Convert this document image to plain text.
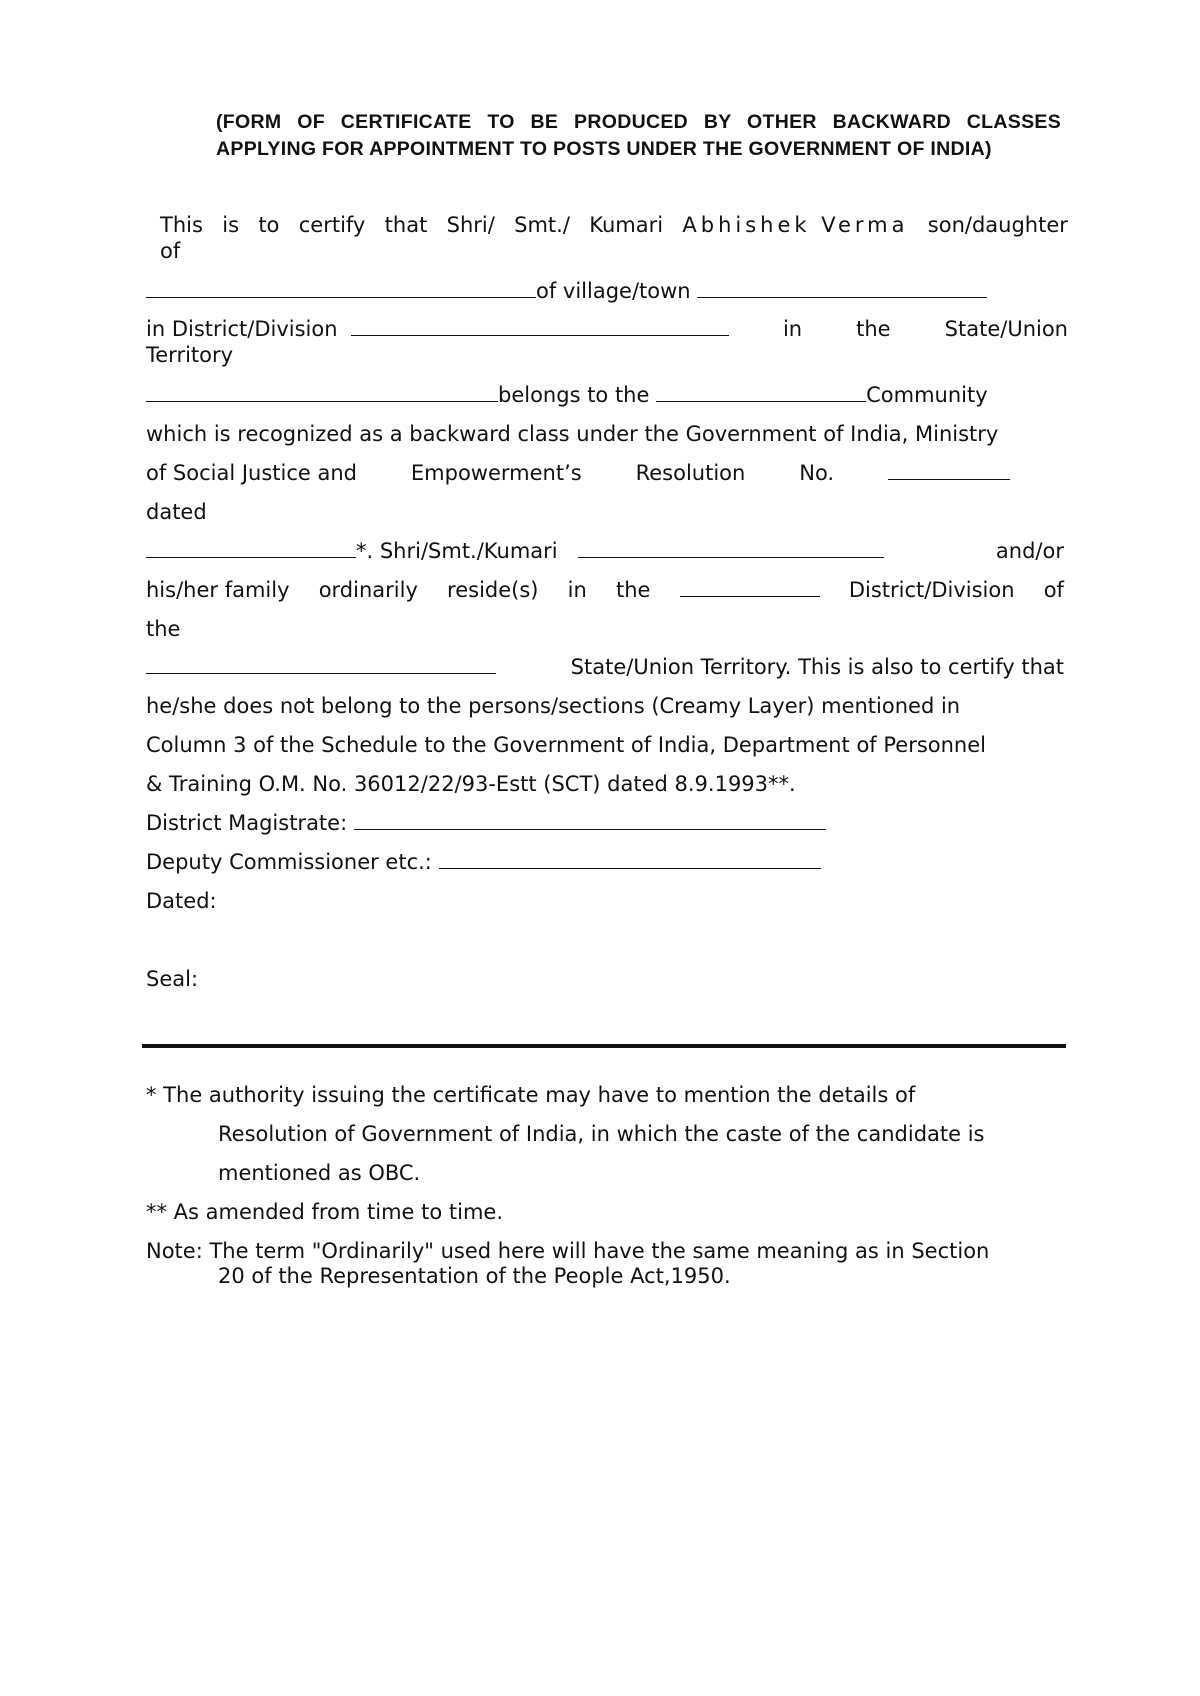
(FORM OF CERTIFICATE TO BE PRODUCED BY OTHER BACKWARD CLASSES APPLYING FOR APPOINTMENT TO POSTS UNDER THE GOVERNMENT OF INDIA)
This is to certify that Shri/ Smt./ Kumari Abhishek Verma son/daughter
of
of village/town
in District/Division	in	the	State/Union
Territory
belongs to the	Community
which is recognized as a backward class under the Government of India, Ministry
of Social Justice and	Empowerment’s	Resolution	No.
dated
*. Shri/Smt./Kumari	and/or
his/her family ordinarily reside(s) in the	District/Division of
the
State/Union Territory. This is also to certify that
he/she does not belong to the persons/sections (Creamy Layer) mentioned in
Column 3 of the Schedule to the Government of India, Department of Personnel
& Training O.M. No. 36012/22/93-Estt (SCT) dated 8.9.1993**.
District Magistrate:
Deputy Commissioner etc.:
Dated:
Seal:
* The authority issuing the certificate may have to mention the details of
Resolution of Government of India, in which the caste of the candidate is
mentioned as OBC.
** As amended from time to time.
Note: The term "Ordinarily" used here will have the same meaning as in Section
20 of the Representation of the People Act,1950.
